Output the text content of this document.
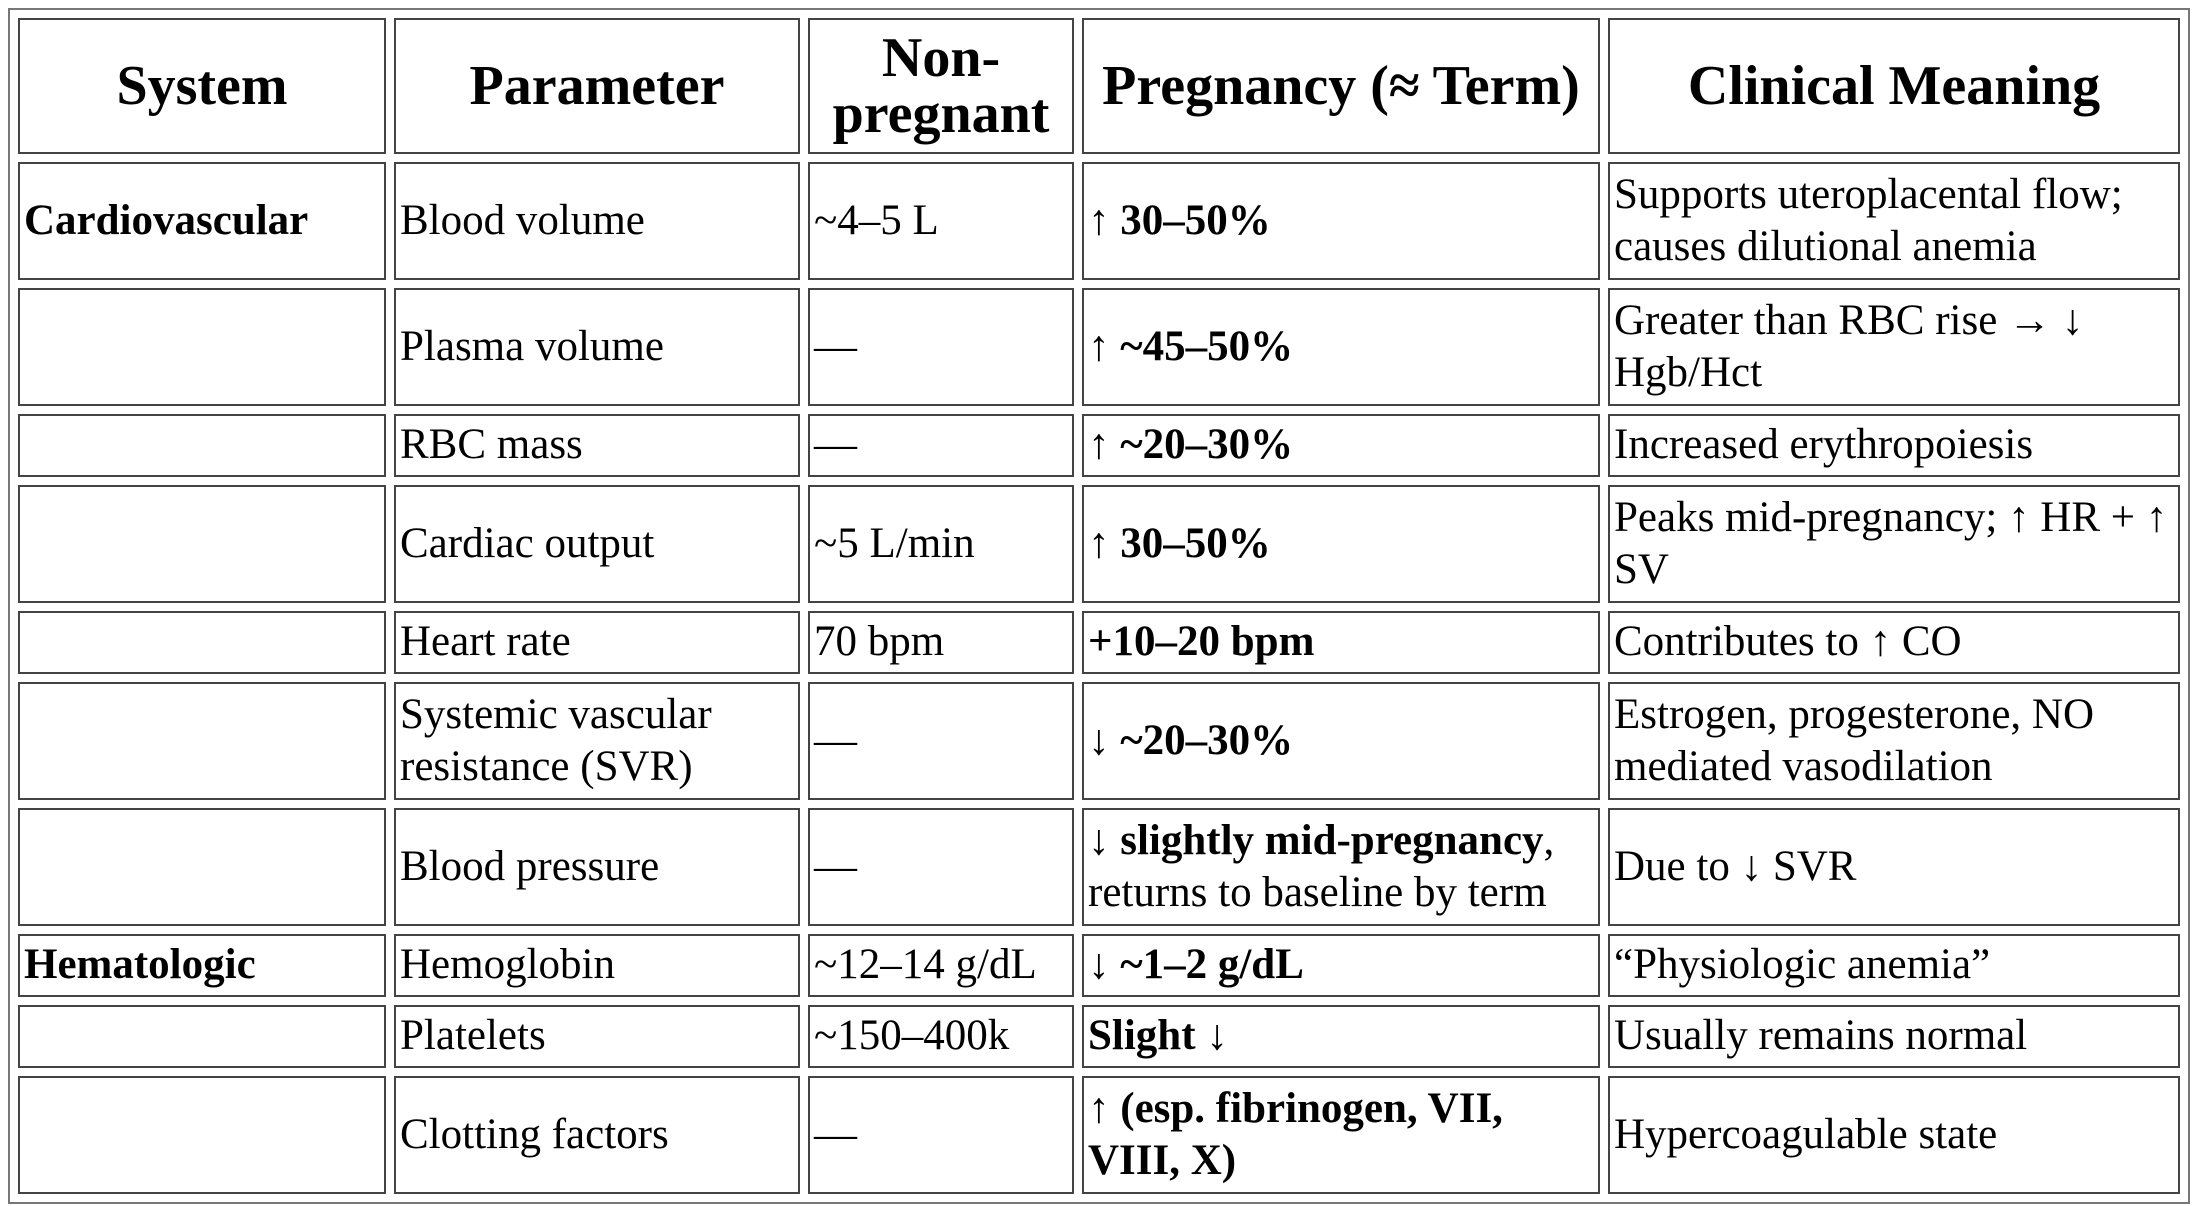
System	Parameter	Non-pregnant	Pregnancy (≈ Term)	Clinical Meaning
Cardiovascular	Blood volume	~4–5 L	↑ 30–50%	Supports uteroplacental flow; causes dilutional anemia
	Plasma volume	—	↑ ~45–50%	Greater than RBC rise → ↓ Hgb/Hct
	RBC mass	—	↑ ~20–30%	Increased erythropoiesis
	Cardiac output	~5 L/min	↑ 30–50%	Peaks mid-pregnancy; ↑ HR + ↑ SV
	Heart rate	70 bpm	+10–20 bpm	Contributes to ↑ CO
	Systemic vascular resistance (SVR)	—	↓ ~20–30%	Estrogen, progesterone, NO mediated vasodilation
	Blood pressure	—	↓ slightly mid-pregnancy, returns to baseline by term	Due to ↓ SVR
Hematologic	Hemoglobin	~12–14 g/dL	↓ ~1–2 g/dL	“Physiologic anemia”
	Platelets	~150–400k	Slight ↓	Usually remains normal
	Clotting factors	—	↑ (esp. fibrinogen, VII, VIII, X)	Hypercoagulable state
